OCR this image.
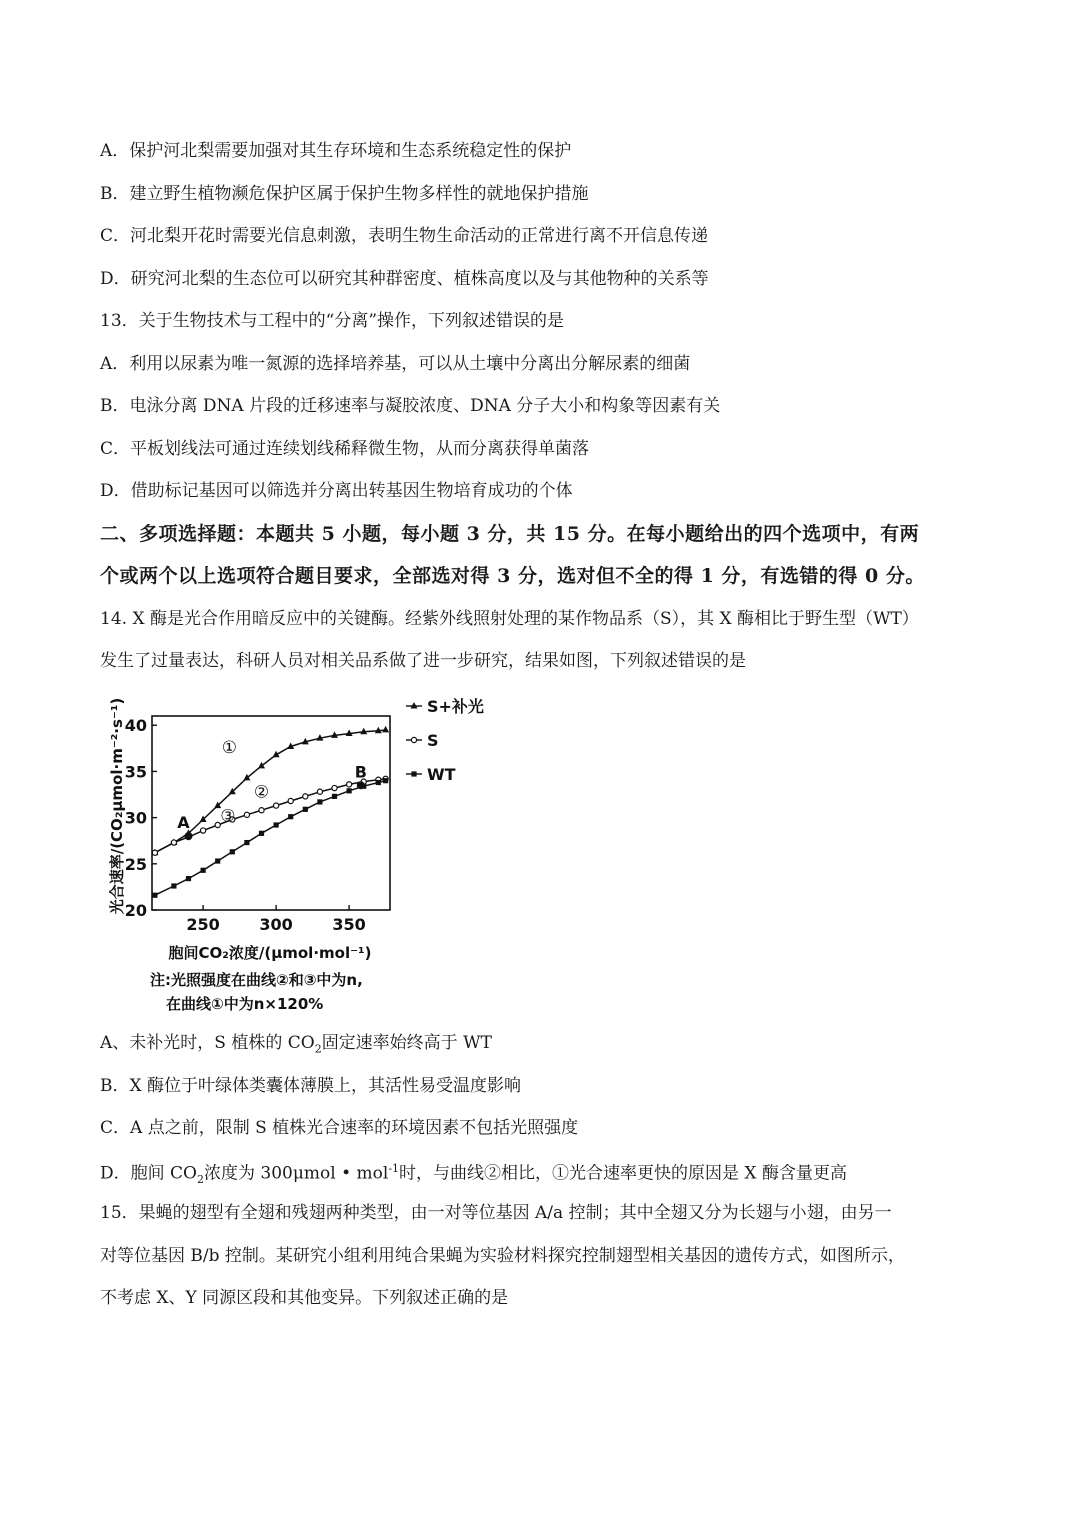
A．保护河北梨需要加强对其生存环境和生态系统稳定性的保护
B．建立野生植物濒危保护区属于保护生物多样性的就地保护措施
C．河北梨开花时需要光信息刺激，表明生物生命活动的正常进行离不开信息传递
D．研究河北梨的生态位可以研究其种群密度、植株高度以及与其他物种的关系等
13．关于生物技术与工程中的“分离”操作，下列叙述错误的是
A．利用以尿素为唯一氮源的选择培养基，可以从土壤中分离出分解尿素的细菌
B．电泳分离 DNA 片段的迁移速率与凝胶浓度、DNA 分子大小和构象等因素有关
C．平板划线法可通过连续划线稀释微生物，从而分离获得单菌落
D．借助标记基因可以筛选并分离出转基因生物培育成功的个体
二、多项选择题：本题共 5 小题，每小题 3 分，共 15 分。在每小题给出的四个选项中，有两
个或两个以上选项符合题目要求，全部选对得 3 分，选对但不全的得 1 分，有选错的得 0 分。
14. X 酶是光合作用暗反应中的关键酶。经紫外线照射处理的某作物品系（S），其 X 酶相比于野生型（WT）
发生了过量表达，科研人员对相关品系做了进一步研究，结果如图，下列叙述错误的是
20
25
30
35
40
250 300 350
①
②
③
A
B
S+补光
S
WT
光合速率/(CO₂μmol·m⁻²·s⁻¹)
胞间CO₂浓度/(μmol·mol⁻¹)
注:光照强度在曲线②和③中为n,
在曲线①中为n×120%
A、未补光时，S 植株的 $CO_2$固定速率始终高于 WT
B．X 酶位于叶绿体类囊体薄膜上，其活性易受温度影响
C．A 点之前，限制 S 植株光合速率的环境因素不包括光照强度
D．胞间 $CO_2$浓度为 300μmol • mol$^{-1}$时，与曲线②相比，①光合速率更快的原因是 X 酶含量更高
15．果蝇的翅型有全翅和残翅两种类型，由一对等位基因 A/a 控制；其中全翅又分为长翅与小翅，由另一
对等位基因 B/b 控制。某研究小组利用纯合果蝇为实验材料探究控制翅型相关基因的遗传方式，如图所示，
不考虑 X、Y 同源区段和其他变异。下列叙述正确的是
